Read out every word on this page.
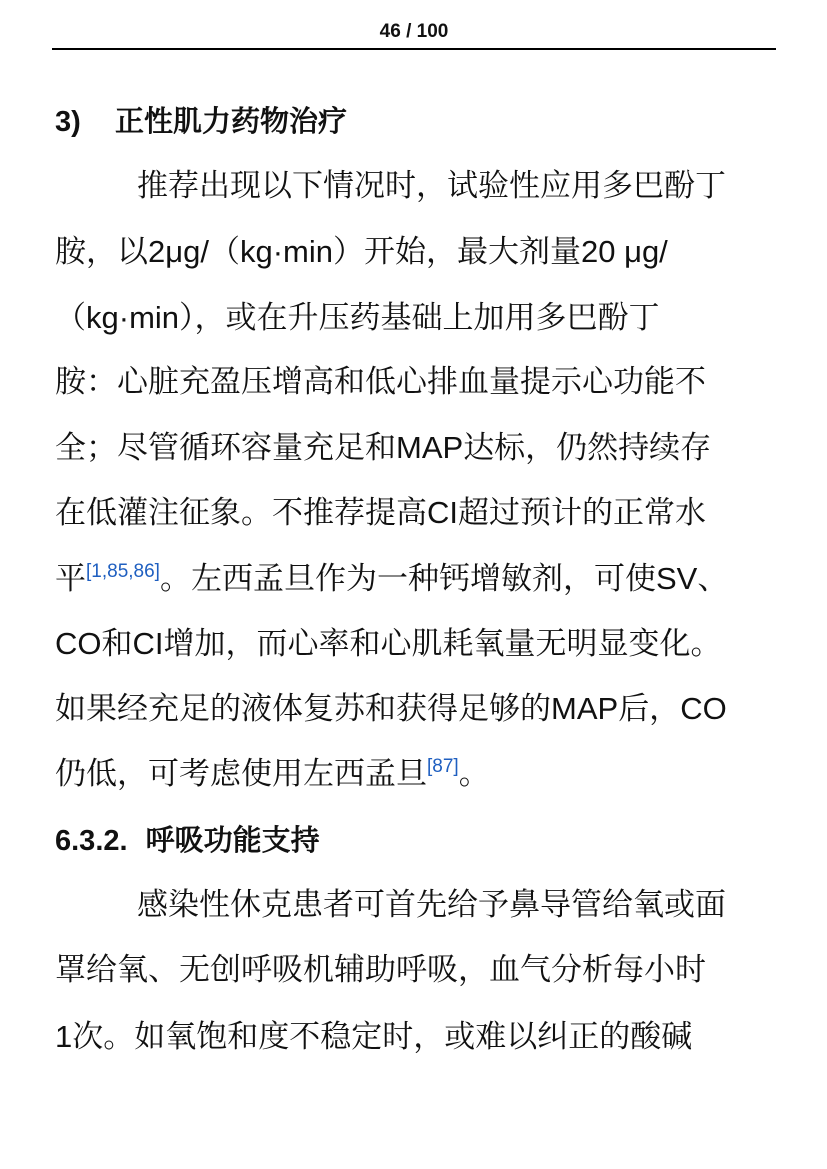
46 / 100
3) 正性肌力药物治疗
推荐出现以下情况时，试验性应用多巴酚丁
胺，以2μg/（kg·min）开始，最大剂量20 μg/
（kg·min），或在升压药基础上加用多巴酚丁
胺：心脏充盈压增高和低心排血量提示心功能不
全；尽管循环容量充足和MAP达标，仍然持续存
在低灌注征象。不推荐提高CI超过预计的正常水
平[1,85,86]。左西孟旦作为一种钙增敏剂，可使SV、
CO和CI增加，而心率和心肌耗氧量无明显变化。
如果经充足的液体复苏和获得足够的MAP后，CO
仍低，可考虑使用左西孟旦[87]。
6.3.2. 呼吸功能支持
感染性休克患者可首先给予鼻导管给氧或面
罩给氧、无创呼吸机辅助呼吸，血气分析每小时
1次。如氧饱和度不稳定时，或难以纠正的酸碱
